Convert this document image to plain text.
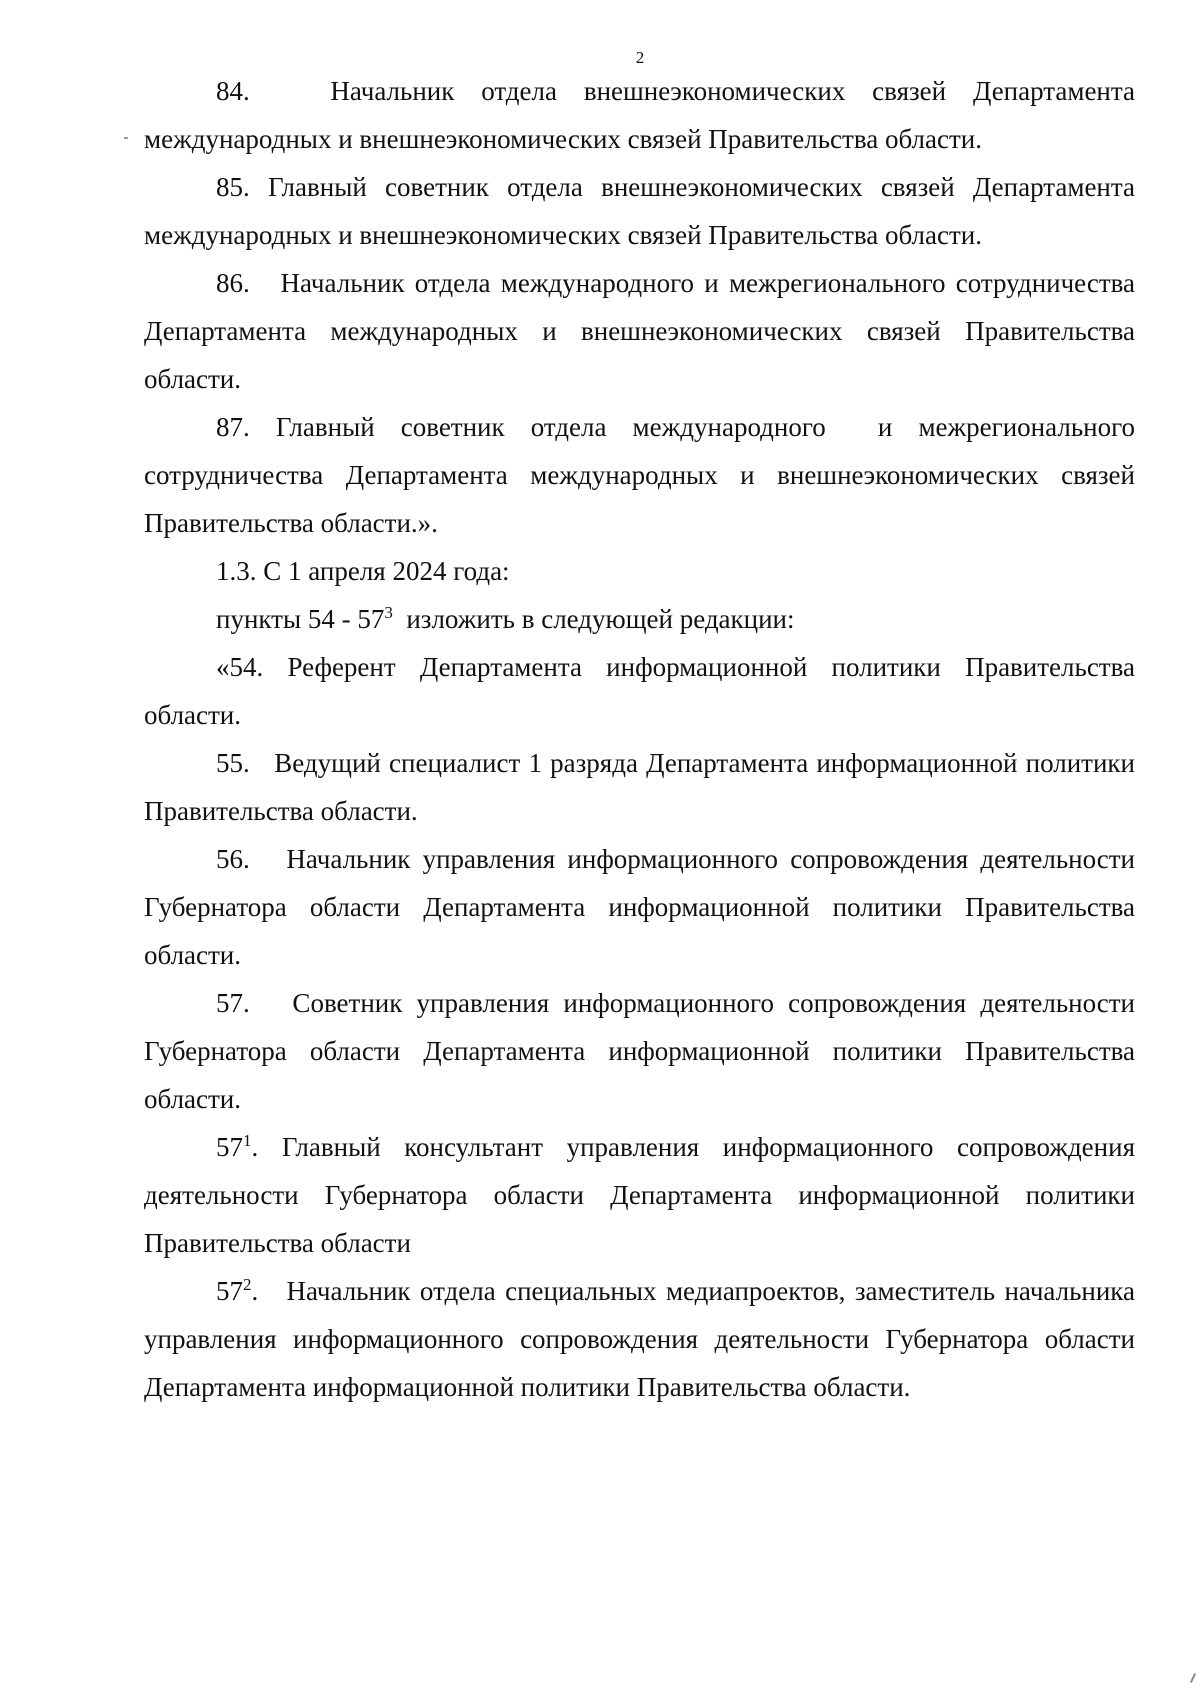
2

84.   Начальник отдела внешнеэкономических связей Департамента международных и внешнеэкономических связей Правительства области.

85. Главный советник отдела внешнеэкономических связей Департамента международных и внешнеэкономических связей Правительства области.

86.   Начальник отдела международного и межрегионального сотрудничества Департамента международных и внешнеэкономических связей Правительства области.

87. Главный советник отдела международного  и межрегионального сотрудничества Департамента международных и внешнеэкономических связей Правительства области.».

1.3. С 1 апреля 2024 года:

пункты $54 - 57^3$  изложить в следующей редакции:

«54. Референт Департамента информационной политики Правительства области.

55.   Ведущий специалист 1 разряда Департамента информационной политики Правительства области.

56.   Начальник управления информационного сопровождения деятельности Губернатора области Департамента информационной политики Правительства области.

57.   Советник управления информационного сопровождения деятельности Губернатора области Департамента информационной политики Правительства области.

$57^1$. Главный консультант управления информационного сопровождения деятельности Губернатора области Департамента информационной политики Правительства области

$57^2$.   Начальник отдела специальных медиапроектов, заместитель начальника управления информационного сопровождения деятельности Губернатора области Департамента информационной политики Правительства области.
